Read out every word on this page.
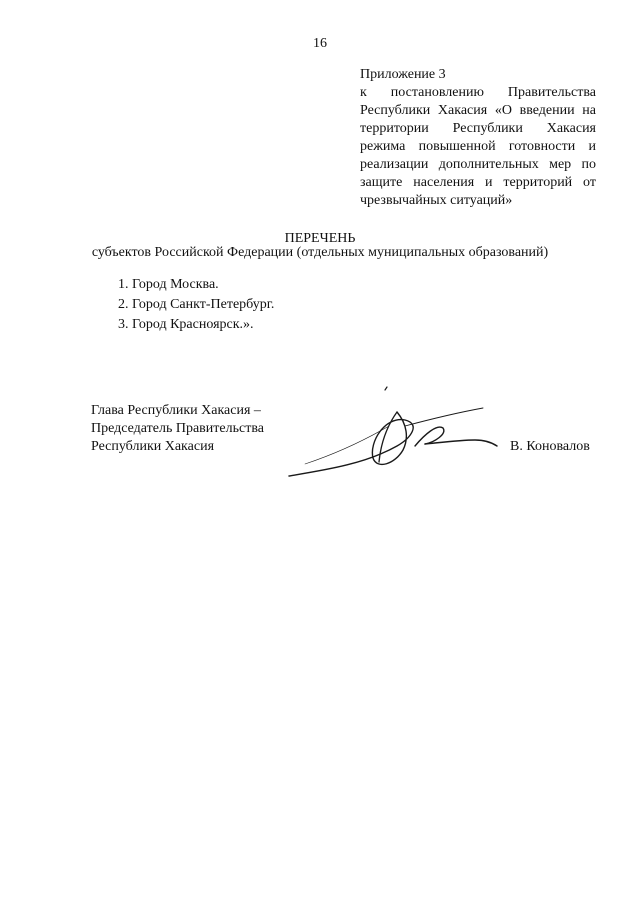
16

Приложение 3

к постановлению Правительства Республики Хакасия «О введении на территории Республики Хакасия режима повышенной готовности и реализации дополнительных мер по защите населения и территорий от чрезвычайных ситуаций»

ПЕРЕЧЕНЬ
субъектов Российской Федерации (отдельных муниципальных образований)
1. Город Москва.
2. Город Санкт-Петербург.
3. Город Красноярск.».
Глава Республики Хакасия –
Председатель Правительства
Республики Хакасия	В. Коновалов
